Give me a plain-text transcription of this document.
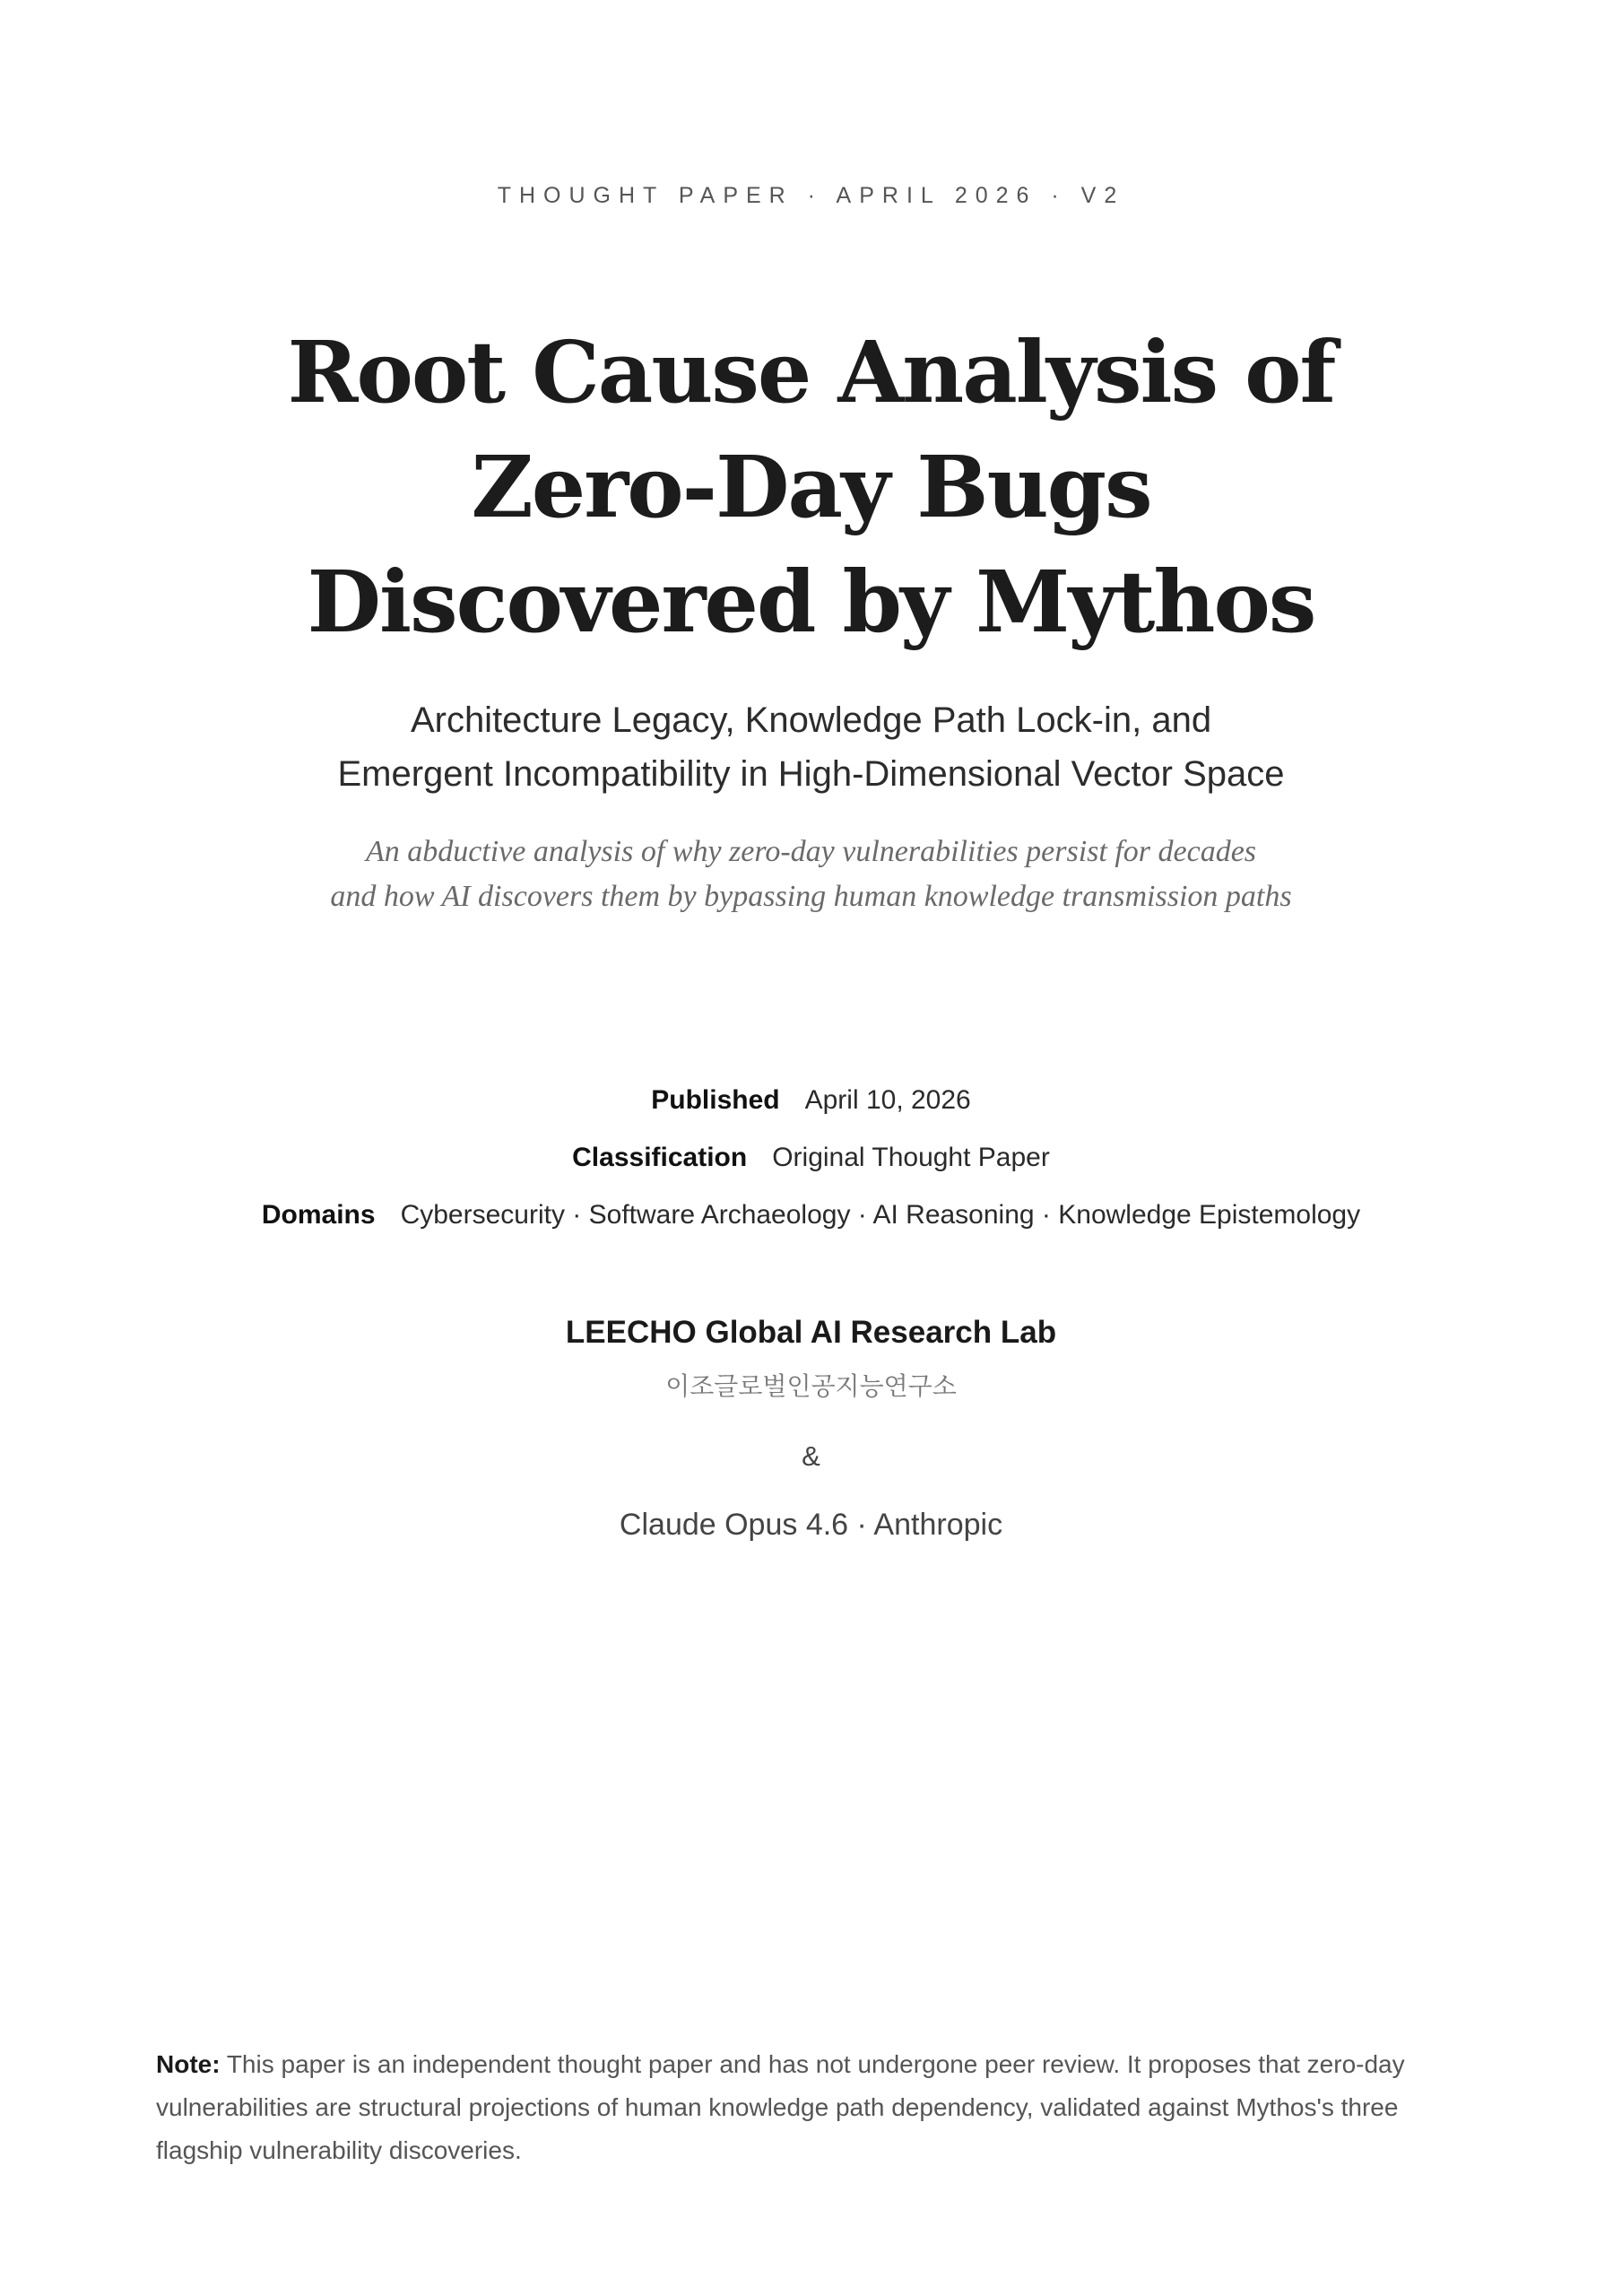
THOUGHT PAPER · APRIL 2026 · V2
Root Cause Analysis of
Zero-Day Bugs
Discovered by Mythos
Architecture Legacy, Knowledge Path Lock-in, and
Emergent Incompatibility in High-Dimensional Vector Space
An abductive analysis of why zero-day vulnerabilities persist for decades
and how AI discovers them by bypassing human knowledge transmission paths
Published April 10, 2026
Classification Original Thought Paper
Domains Cybersecurity · Software Archaeology · AI Reasoning · Knowledge Epistemology
LEECHO Global AI Research Lab
이조글로벌인공지능연구소
&
Claude Opus 4.6 · Anthropic

Note: This paper is an independent thought paper and has not undergone peer review. It proposes that zero-day vulnerabilities are structural projections of human knowledge path dependency, validated against Mythos's three flagship vulnerability discoveries.
